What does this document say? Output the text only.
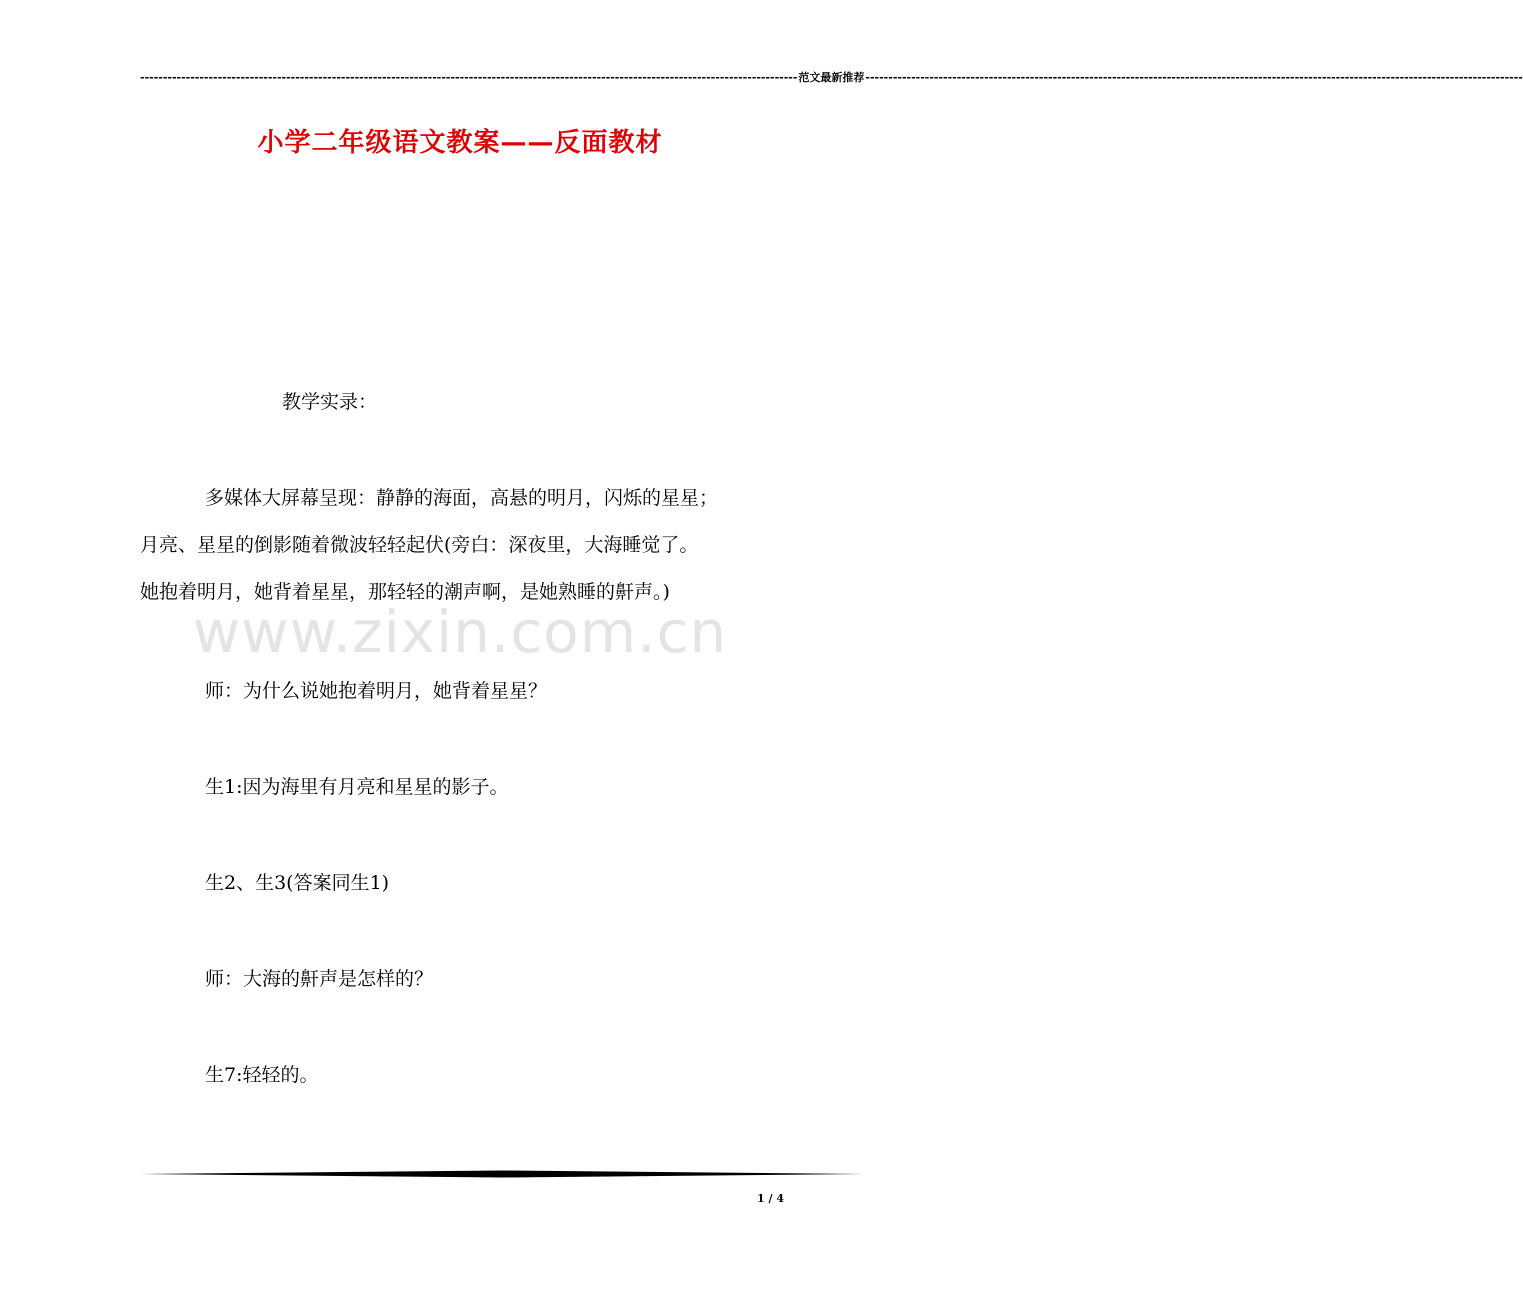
------------------------------------------------------------------------------------------------------------------------------------------------ 范文最新推荐 ------------------------------------------------------------------------------------------------------------------------------------------------
小学二年级语文教案——反面教材
教学实录：
多媒体大屏幕呈现：静静的海面，高悬的明月，闪烁的星星；
月亮、星星的倒影随着微波轻轻起伏(旁白：深夜里，大海睡觉了。
她抱着明月，她背着星星，那轻轻的潮声啊，是她熟睡的鼾声。)
www.zixin.com.cn
师：为什么说她抱着明月，她背着星星？
生1:因为海里有月亮和星星的影子。
生2、生3(答案同生1)
师：大海的鼾声是怎样的？
生7:轻轻的。
1 / 4
